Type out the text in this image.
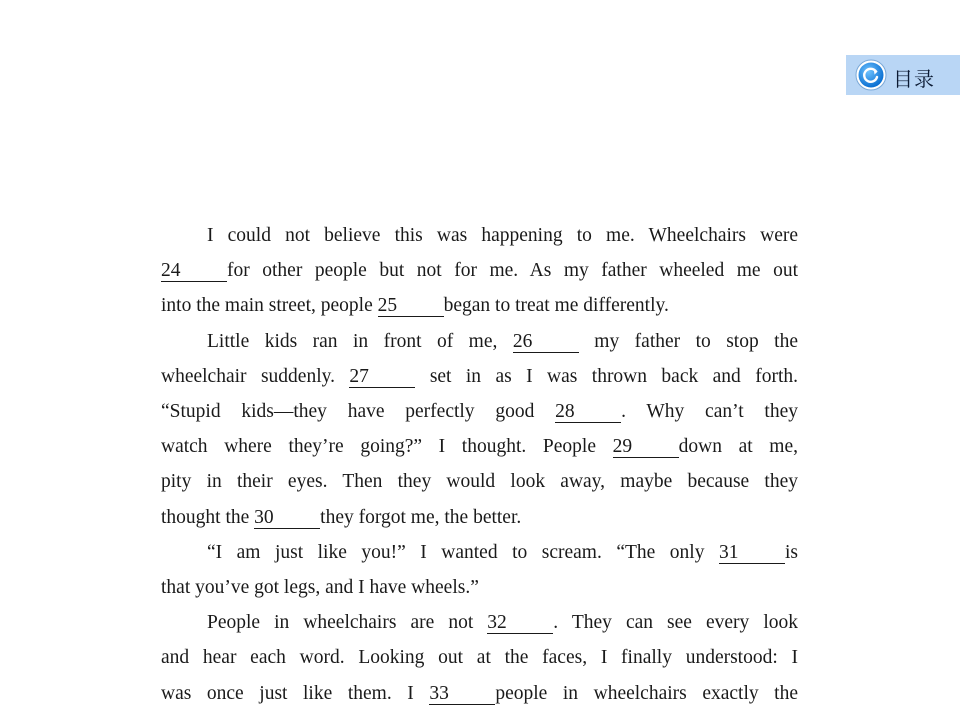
目录
I could not believe this was happening to me. Wheelchairs were
24 for other people but not for me. As my father wheeled me out
into the main street, people 25 began to treat me differently.
Little kids ran in front of me, 26	my father to stop the
wheelchair suddenly. 27	set in as I was thrown back and forth.
“Stupid kids—they have perfectly good 28 . Why can’t they
watch where they’re going?” I thought. People 29 down at me,
pity in their eyes. Then they would look away, maybe because they
thought the 30 they forgot me, the better.
“I am just like you!” I wanted to scream. “The only 31 is
that you’ve got legs, and I have wheels.”
People in wheelchairs are not 32 . They can see every look
and hear each word. Looking out at the faces, I finally understood: I
was once just like them. I 33 people in wheelchairs exactly the
